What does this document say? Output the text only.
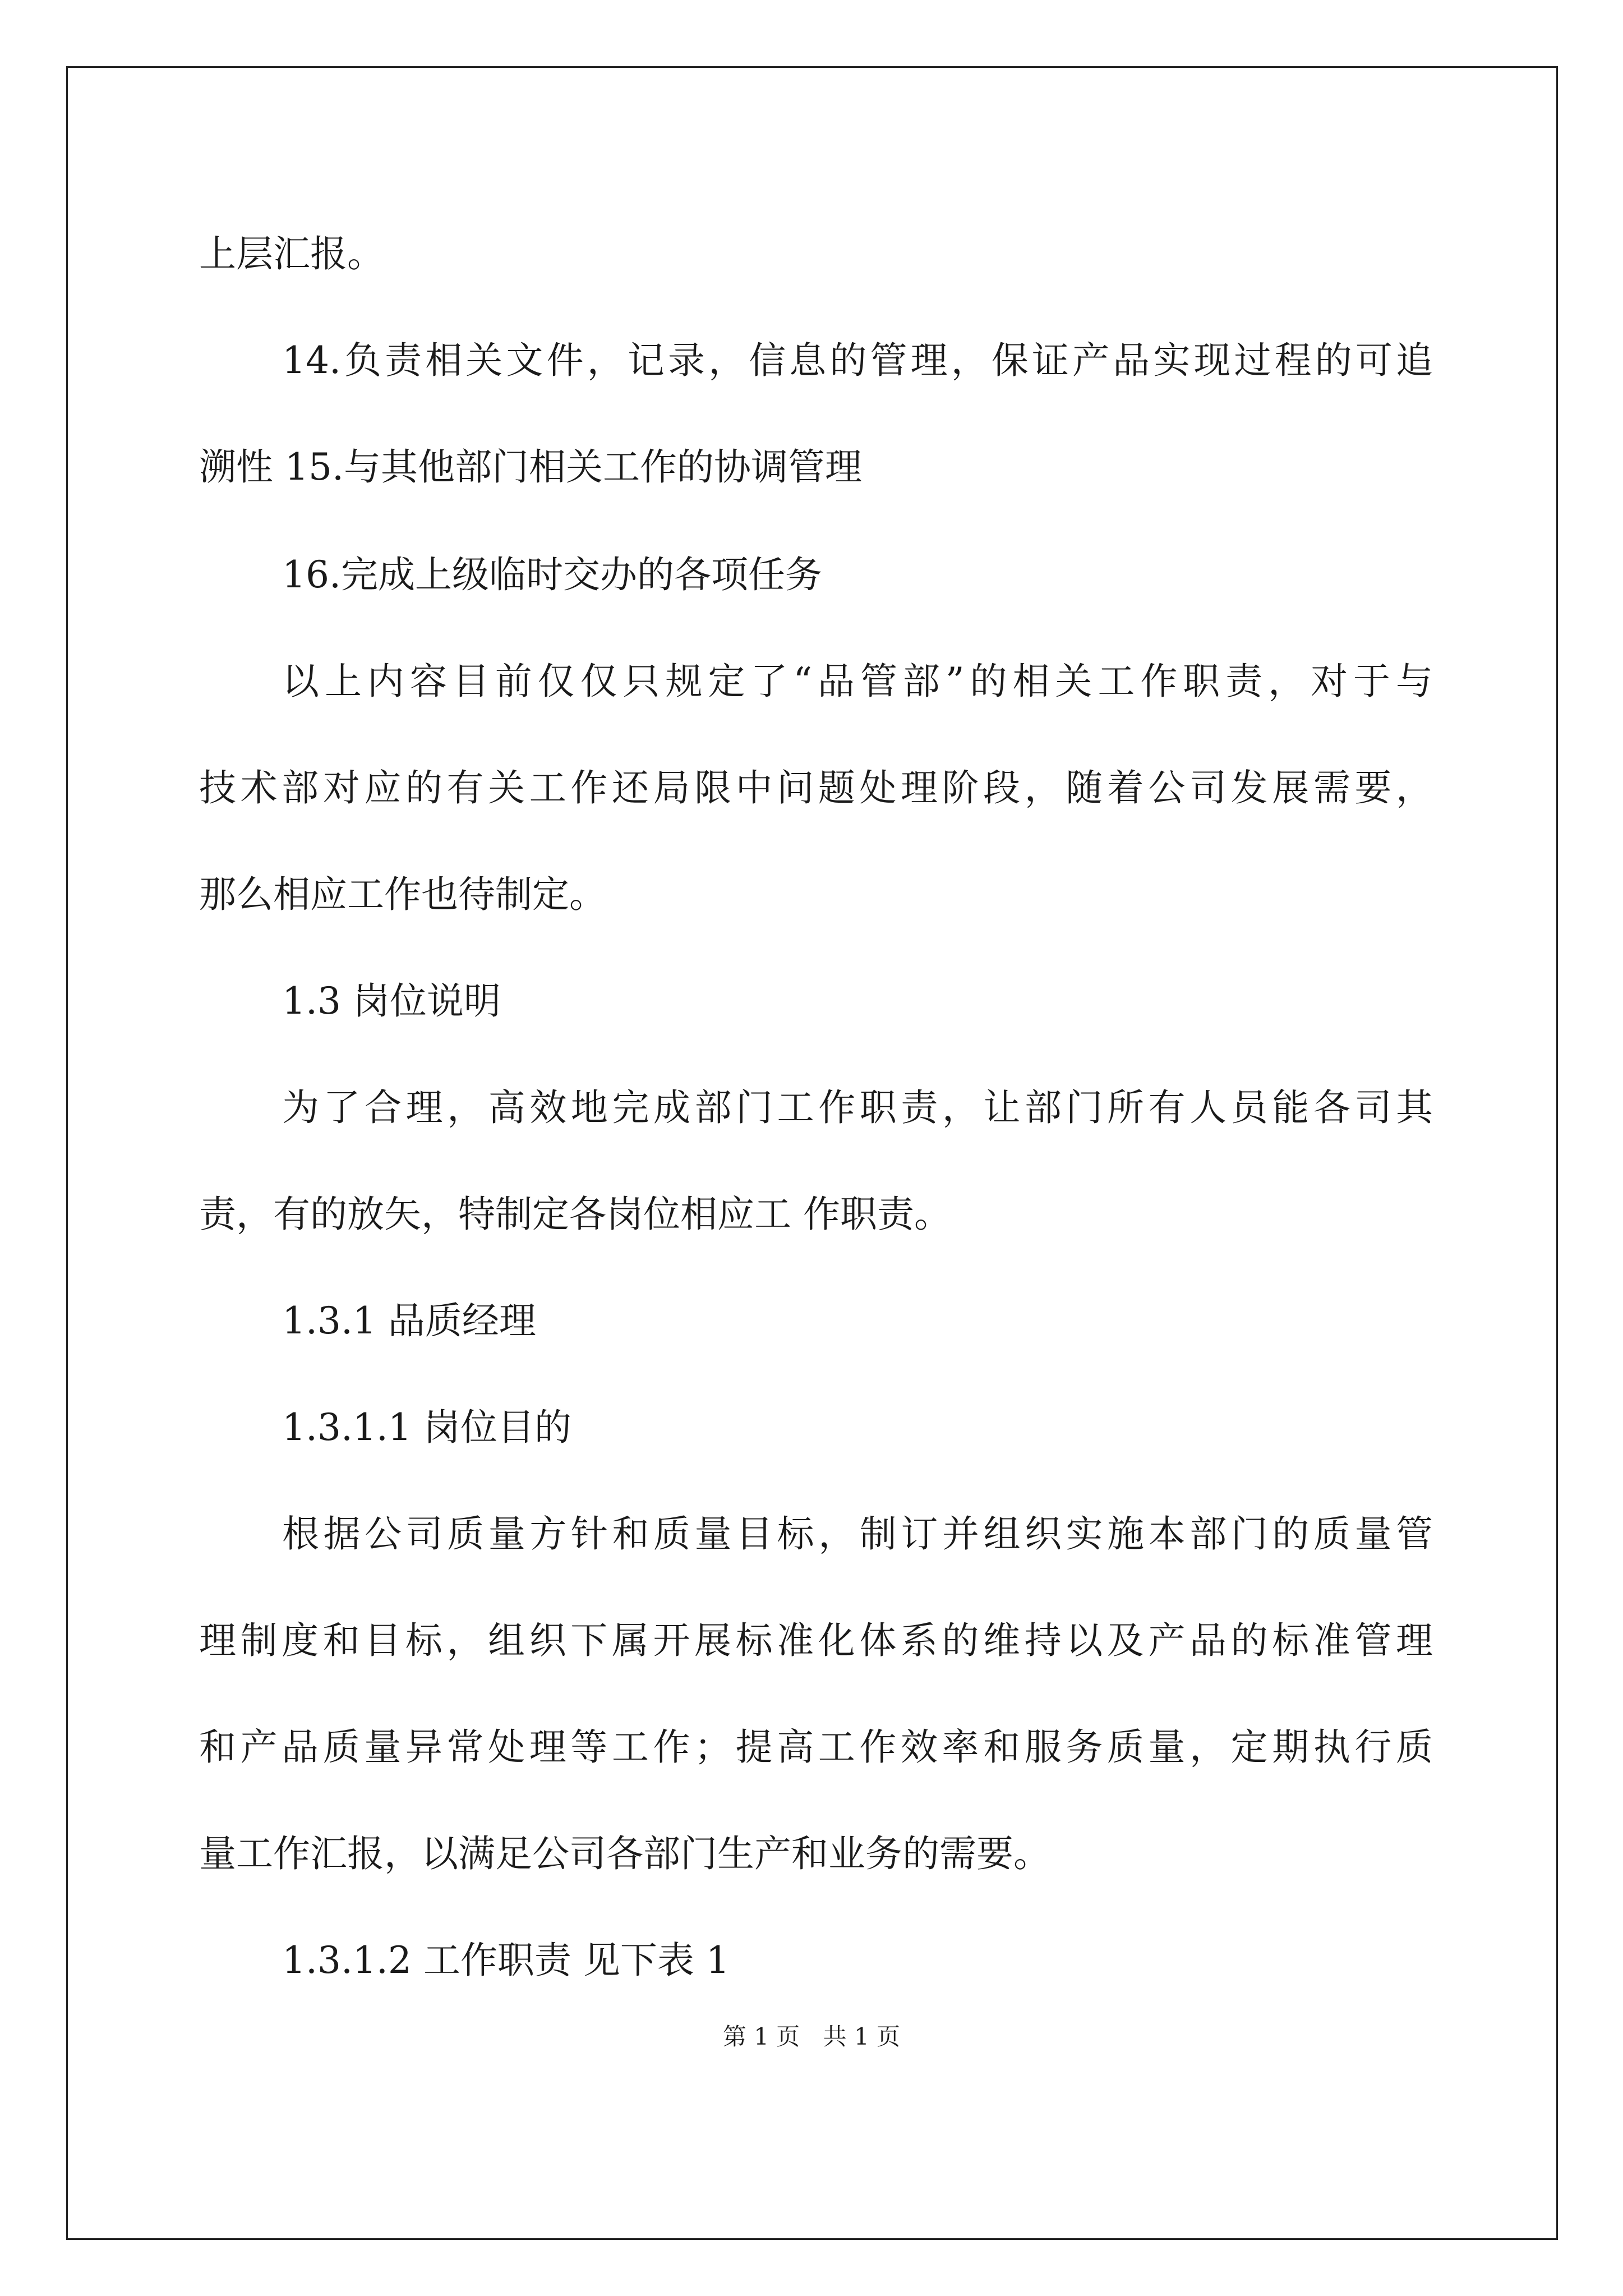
上层汇报。
14.负责相关文件，记录，信息的管理，保证产品实现过程的可追
溯性 15.与其他部门相关工作的协调管理
16.完成上级临时交办的各项任务
以上内容目前仅仅只规定了“品管部”的相关工作职责，对于与
技术部对应的有关工作还局限中问题处理阶段，随着公司发展需要，
那么相应工作也待制定。
1.3 岗位说明
为了合理，高效地完成部门工作职责，让部门所有人员能各司其
责，有的放矢，特制定各岗位相应工 作职责。
1.3.1 品质经理
1.3.1.1 岗位目的
根据公司质量方针和质量目标，制订并组织实施本部门的质量管
理制度和目标，组织下属开展标准化体系的维持以及产品的标准管理
和产品质量异常处理等工作；提高工作效率和服务质量，定期执行质
量工作汇报，以满足公司各部门生产和业务的需要。
1.3.1.2 工作职责 见下表 1
第 1 页 共 1 页
